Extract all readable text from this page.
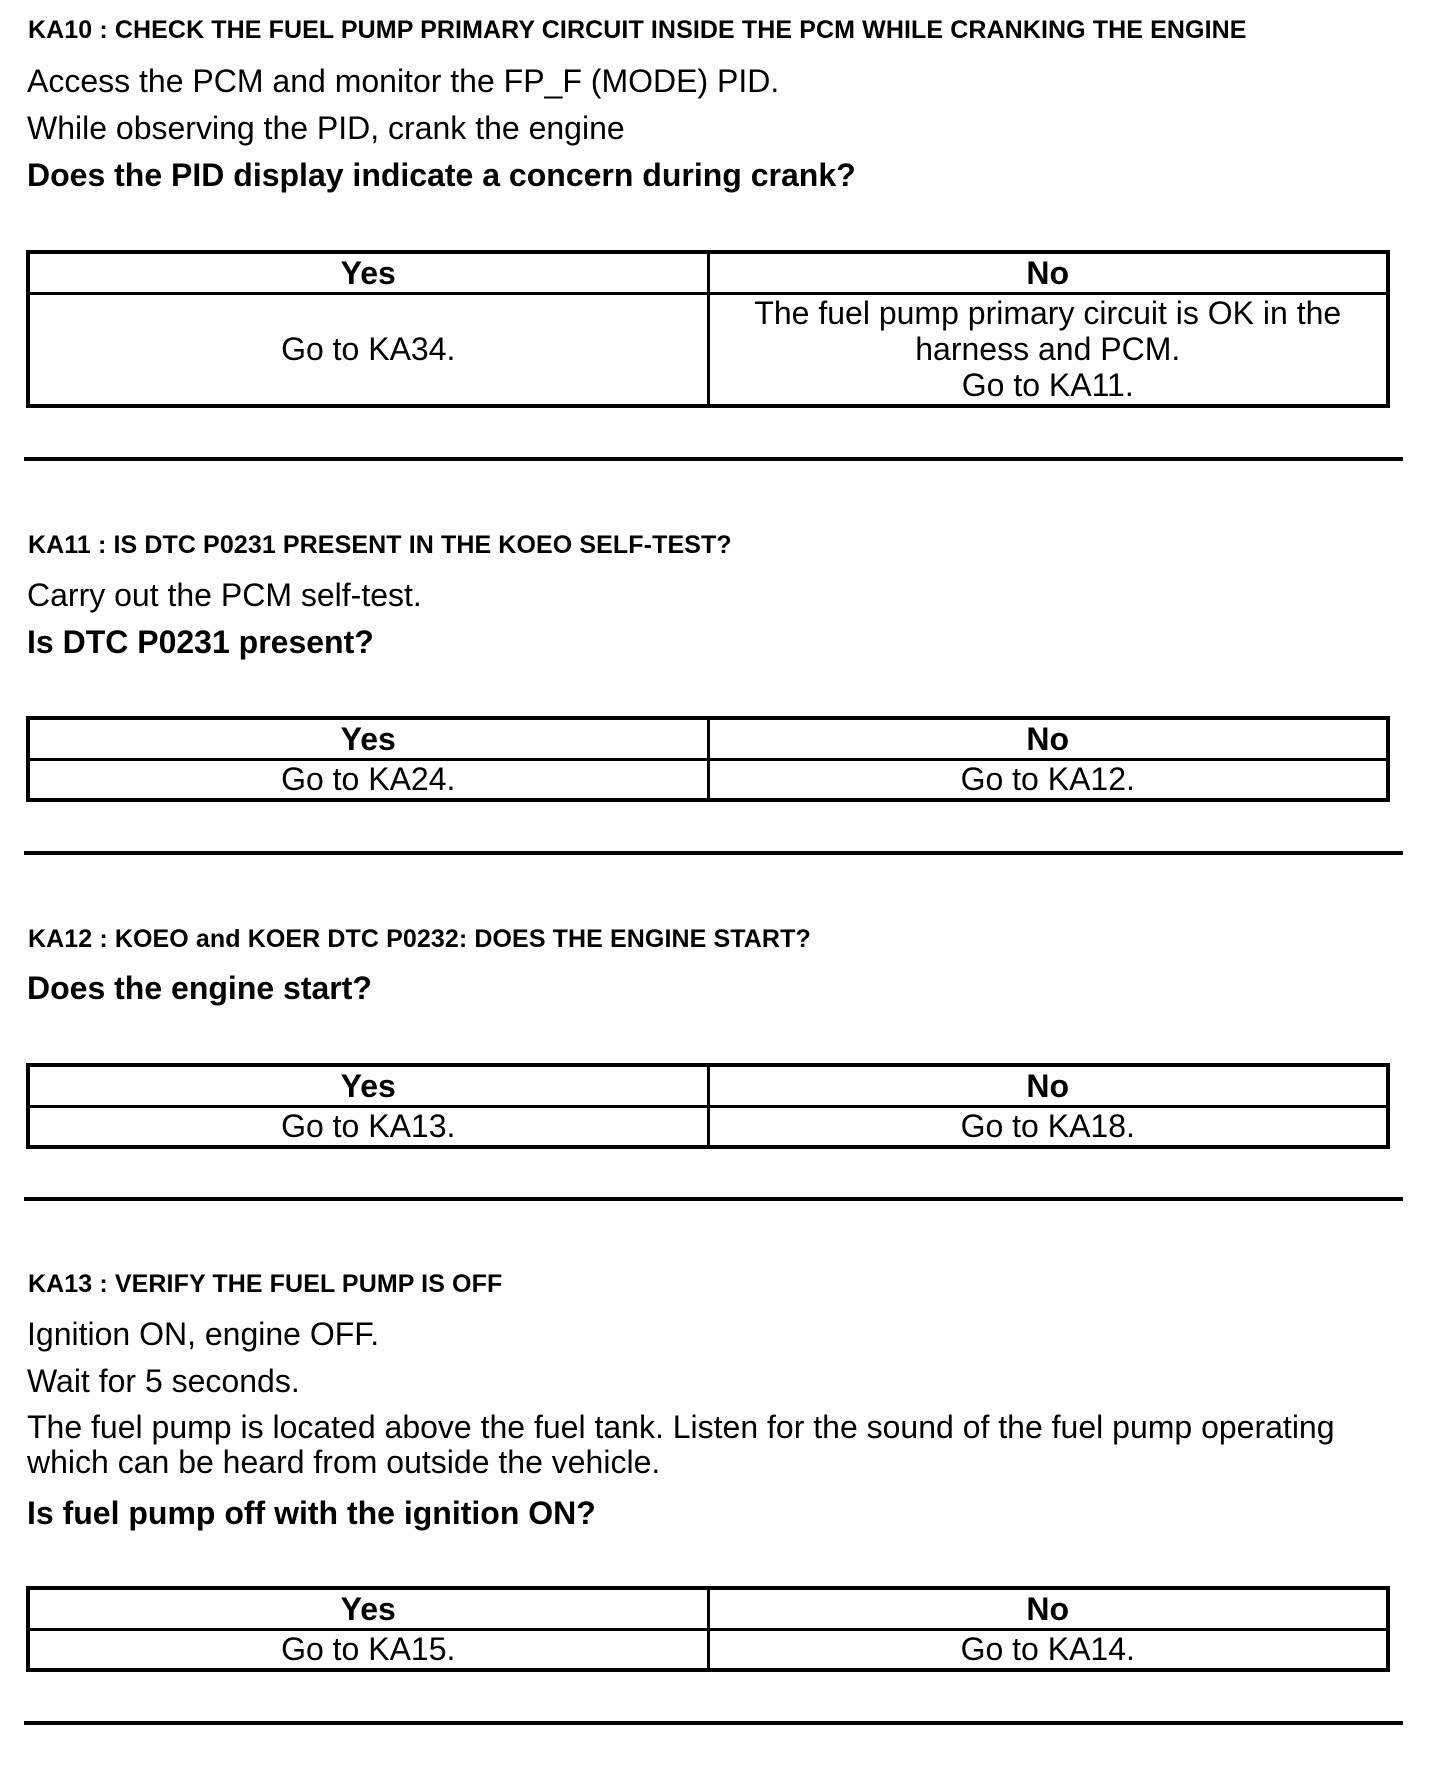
KA10 : CHECK THE FUEL PUMP PRIMARY CIRCUIT INSIDE THE PCM WHILE CRANKING THE ENGINE
Access the PCM and monitor the FP_F (MODE) PID.
While observing the PID, crank the engine
Does the PID display indicate a concern during crank?
Yes	No
Go to KA34.	The fuel pump primary circuit is OK in the
harness and PCM.
Go to KA11.
KA11 : IS DTC P0231 PRESENT IN THE KOEO SELF-TEST?
Carry out the PCM self-test.
Is DTC P0231 present?
Yes	No
Go to KA24.	Go to KA12.
KA12 : KOEO and KOER DTC P0232: DOES THE ENGINE START?
Does the engine start?
Yes	No
Go to KA13.	Go to KA18.
KA13 : VERIFY THE FUEL PUMP IS OFF
Ignition ON, engine OFF.
Wait for 5 seconds.
The fuel pump is located above the fuel tank. Listen for the sound of the fuel pump operating which can be heard from outside the vehicle.
Is fuel pump off with the ignition ON?
Yes	No
Go to KA15.	Go to KA14.
